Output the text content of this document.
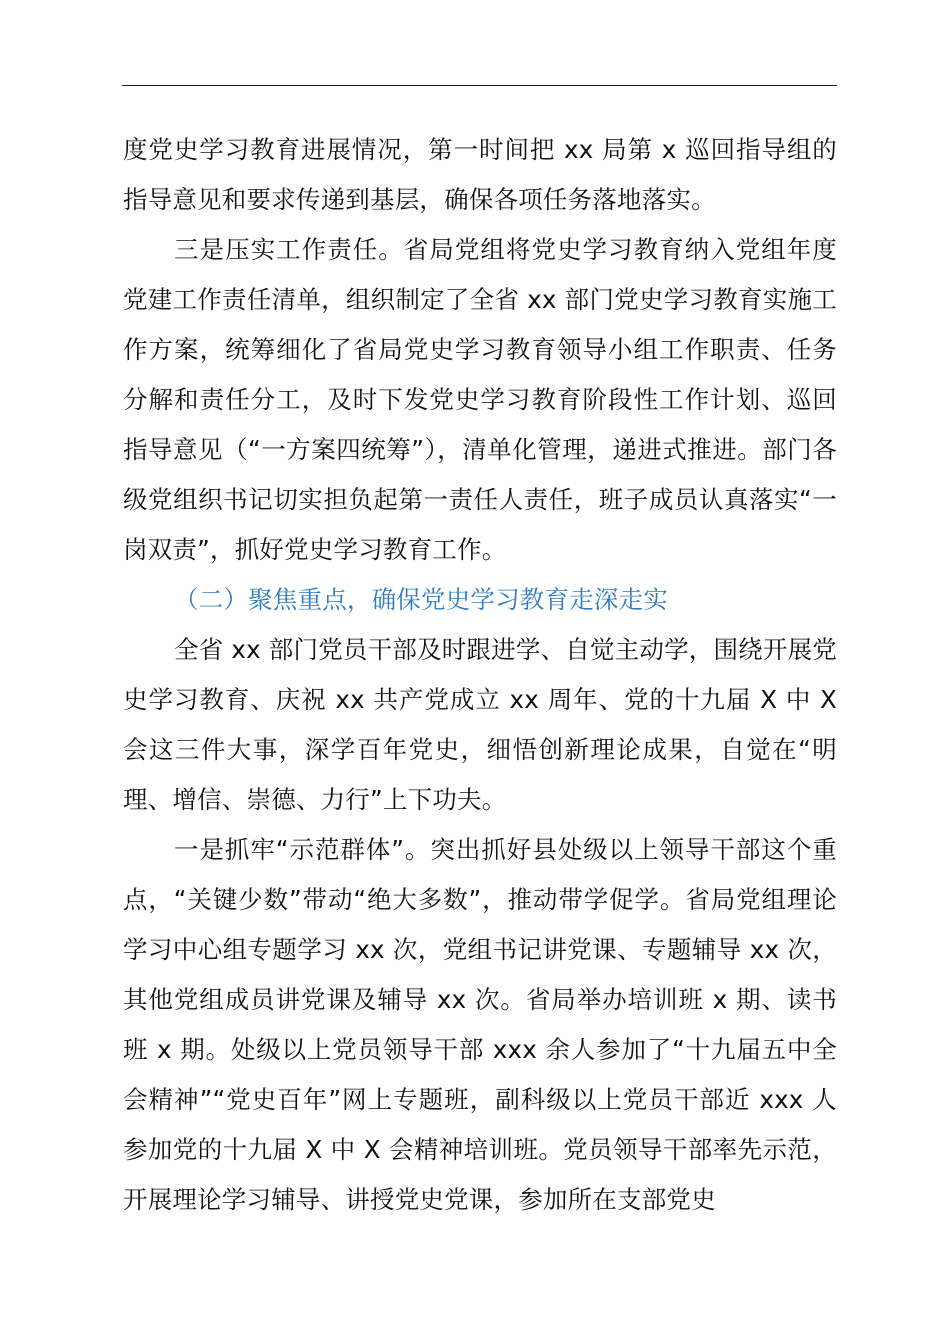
度党史学习教育进展情况，第一时间把 xx 局第 x 巡回指导组的指导意见和要求传递到基层，确保各项任务落地落实。

三是压实工作责任。省局党组将党史学习教育纳入党组年度党建工作责任清单，组织制定了全省 xx 部门党史学习教育实施工作方案，统筹细化了省局党史学习教育领导小组工作职责、任务分解和责任分工，及时下发党史学习教育阶段性工作计划、巡回指导意见（“一方案四统筹”），清单化管理，递进式推进。部门各级党组织书记切实担负起第一责任人责任，班子成员认真落实“一岗双责”，抓好党史学习教育工作。

（二）聚焦重点，确保党史学习教育走深走实

全省 xx 部门党员干部及时跟进学、自觉主动学，围绕开展党史学习教育、庆祝 xx 共产党成立 xx 周年、党的十九届 X 中 X 会这三件大事，深学百年党史，细悟创新理论成果，自觉在“明理、增信、崇德、力行”上下功夫。

一是抓牢“示范群体”。突出抓好县处级以上领导干部这个重点，“关键少数”带动“绝大多数”，推动带学促学。省局党组理论学习中心组专题学习 xx 次，党组书记讲党课、专题辅导 xx 次，其他党组成员讲党课及辅导 xx 次。省局举办培训班 x 期、读书班 x 期。处级以上党员领导干部 xxx 余人参加了“十九届五中全会精神”“党史百年”网上专题班，副科级以上党员干部近 xxx 人参加党的十九届 X 中 X 会精神培训班。党员领导干部率先示范，开展理论学习辅导、讲授党史党课，参加所在支部党史
